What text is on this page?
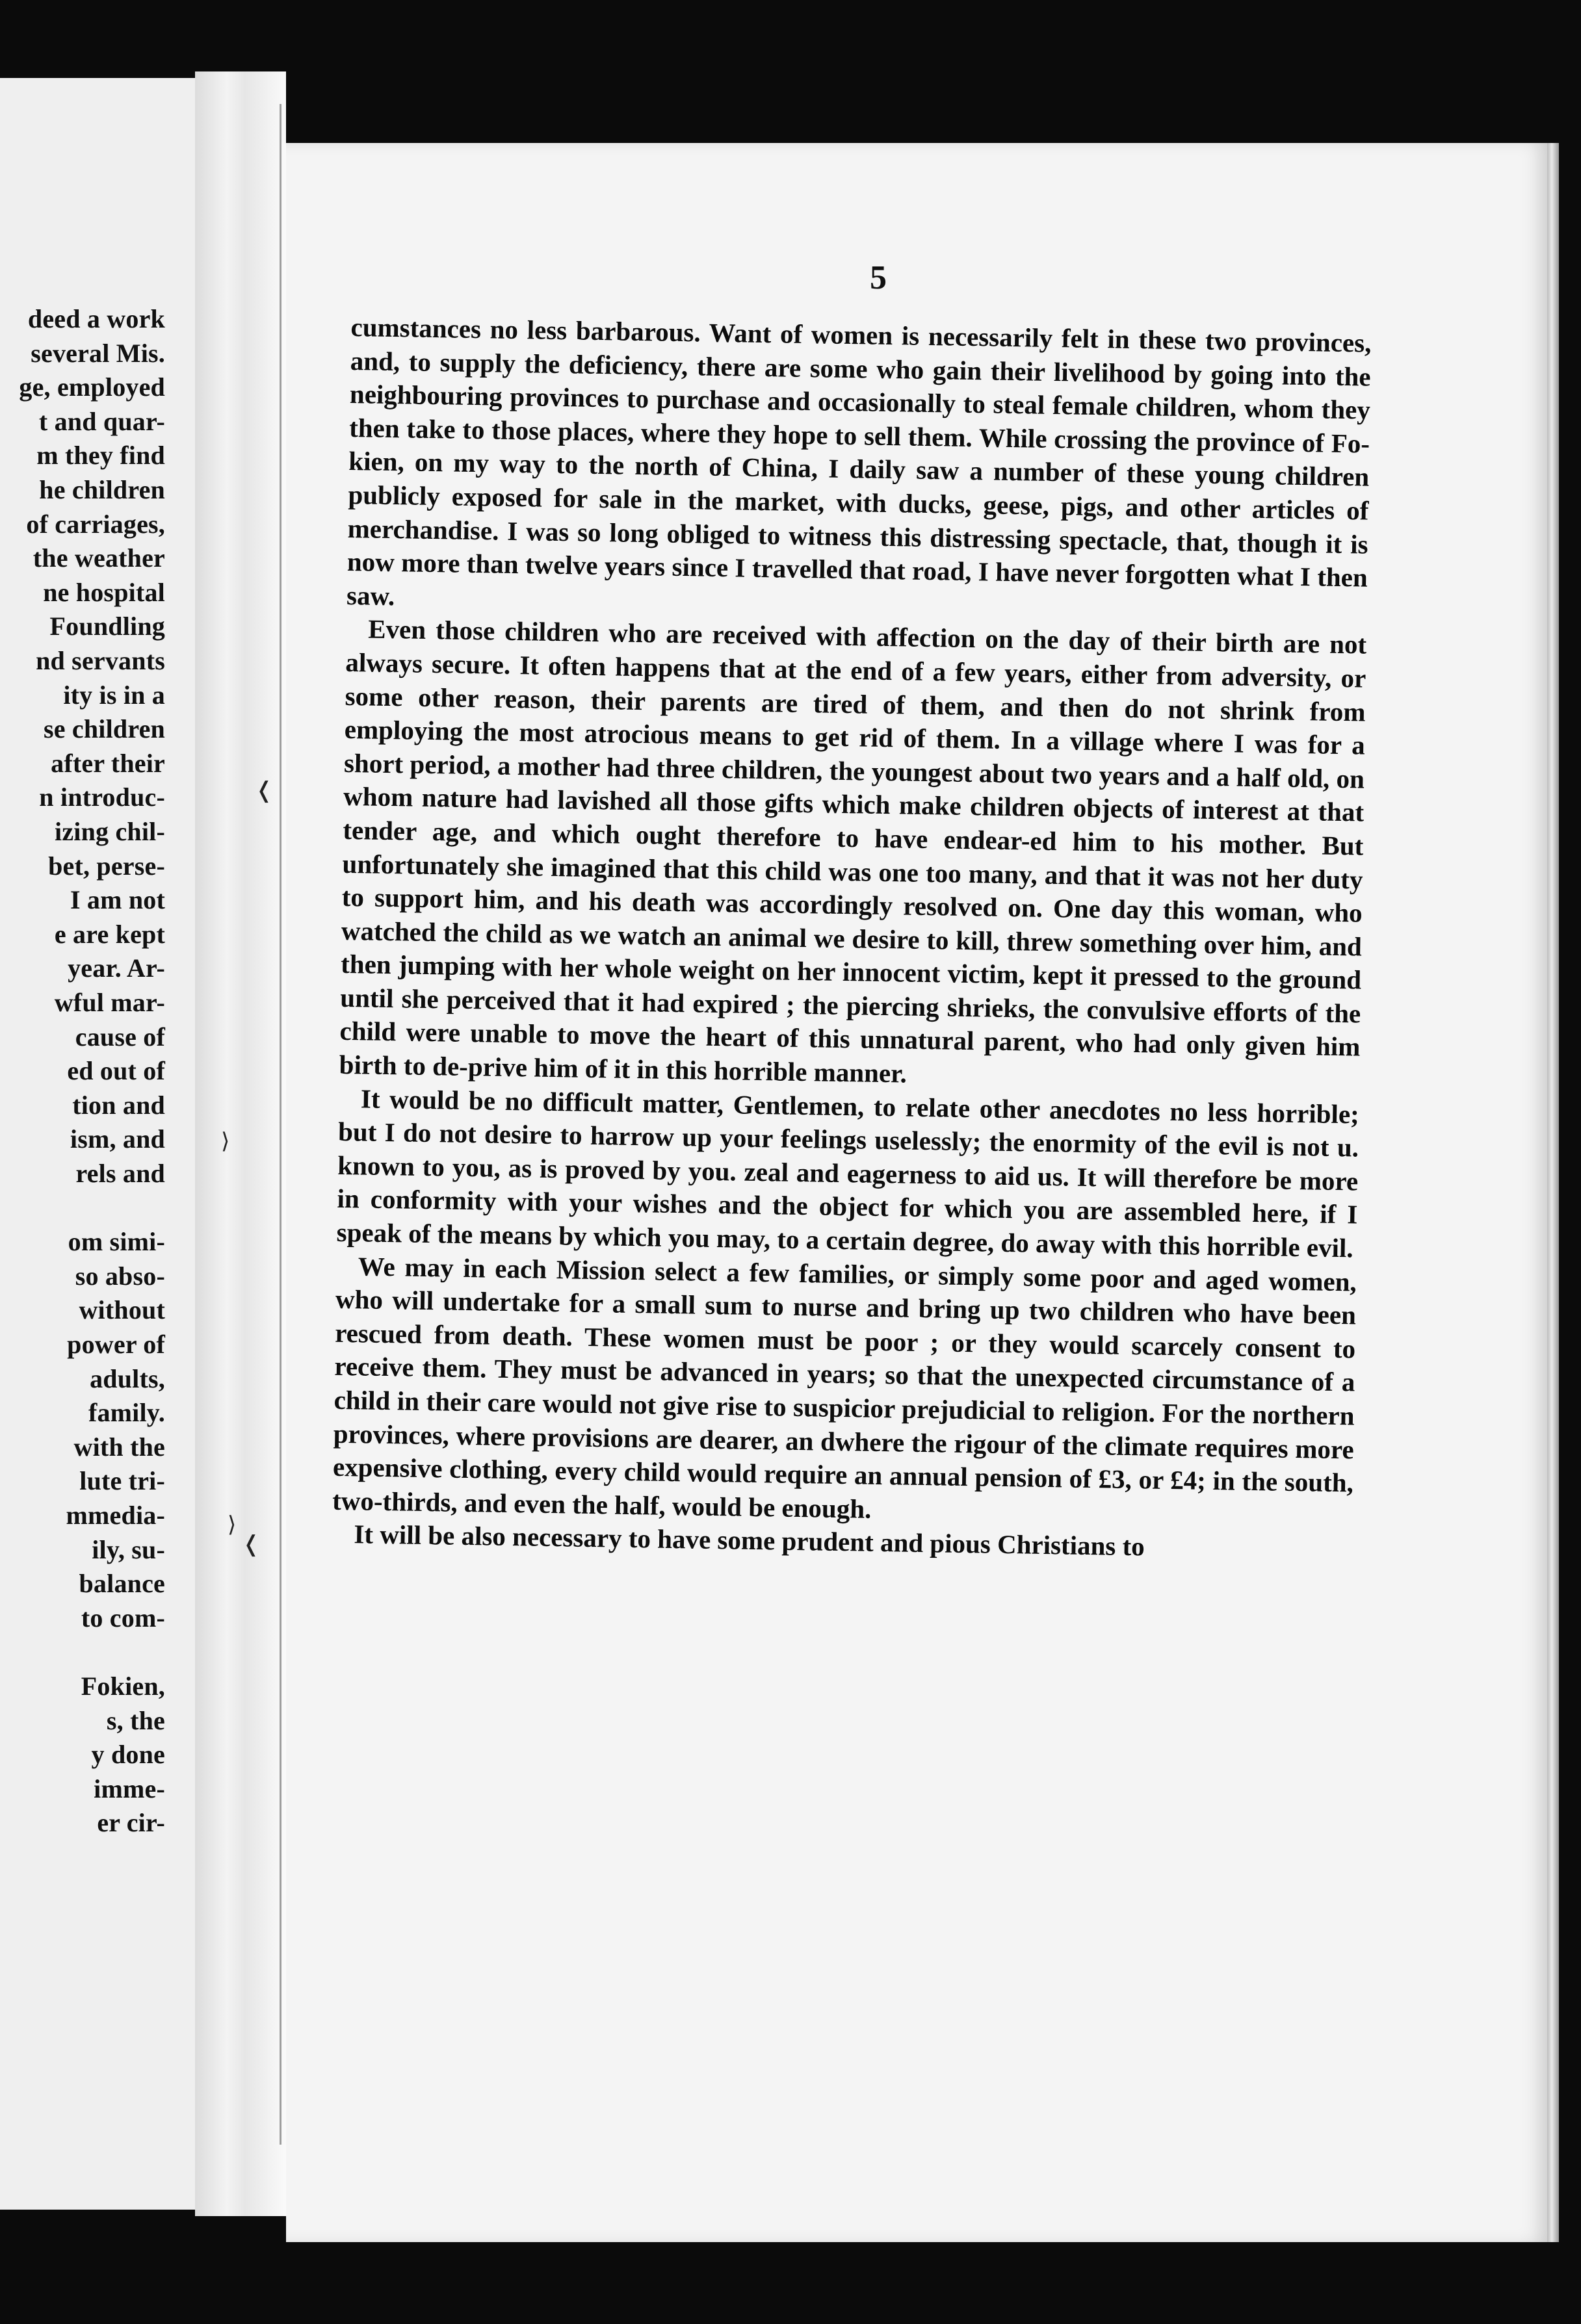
deed a work
several Mis.
ge, employed
t and quar-
m they find
he children
of carriages,
the weather
ne hospital
Foundling
nd servants
ity is in a
se children
after their
n introduc-
izing chil-
bet, perse-
I am not
e are kept
year. Ar-
wful mar-
cause of
ed out of
tion and
ism, and
rels and
om simi-
so abso-
without
power of
adults,
family.
with the
lute tri-
mmedia-
ily, su-
balance
to com-
Fokien,
s, the
y done
imme-
er cir-
❬
⟩
⟩
❬
5

cumstances no less barbarous. Want of women is necessarily felt in these two provinces, and, to supply the deficiency, there are some who gain their livelihood by going into the neighbouring provinces to purchase and occasionally to steal female children, whom they then take to those places, where they hope to sell them. While crossing the province of Fo-kien, on my way to the north of China, I daily saw a number of these young children publicly exposed for sale in the market, with ducks, geese, pigs, and other articles of merchandise. I was so long obliged to witness this distressing spectacle, that, though it is now more than twelve years since I travelled that road, I have never forgotten what I then saw.

Even those children who are received with affection on the day of their birth are not always secure. It often happens that at the end of a few years, either from adversity, or some other reason, their parents are tired of them, and then do not shrink from employing the most atrocious means to get rid of them. In a village where I was for a short period, a mother had three children, the youngest about two years and a half old, on whom nature had lavished all those gifts which make children objects of interest at that tender age, and which ought therefore to have endear-ed him to his mother. But unfortunately she imagined that this child was one too many, and that it was not her duty to support him, and his death was accordingly resolved on. One day this woman, who watched the child as we watch an animal we desire to kill, threw something over him, and then jumping with her whole weight on her innocent victim, kept it pressed to the ground until she perceived that it had expired ; the piercing shrieks, the convulsive efforts of the child were unable to move the heart of this unnatural parent, who had only given him birth to de-prive him of it in this horrible manner.

It would be no difficult matter, Gentlemen, to relate other anecdotes no less horrible; but I do not desire to harrow up your feelings uselessly; the enormity of the evil is not u. known to you, as is proved by you. zeal and eagerness to aid us. It will therefore be more in conformity with your wishes and the object for which you are assembled here, if I speak of the means by which you may, to a certain degree, do away with this horrible evil.

We may in each Mission select a few families, or simply some poor and aged women, who will undertake for a small sum to nurse and bring up two children who have been rescued from death. These women must be poor ; or they would scarcely consent to receive them. They must be advanced in years; so that the unexpected circumstance of a child in their care would not give rise to suspicior prejudicial to religion. For the northern provinces, where provisions are dearer, an dwhere the rigour of the climate requires more expensive clothing, every child would require an annual pension of £3, or £4; in the south, two-thirds, and even the half, would be enough.

It will be also necessary to have some prudent and pious Christians to
